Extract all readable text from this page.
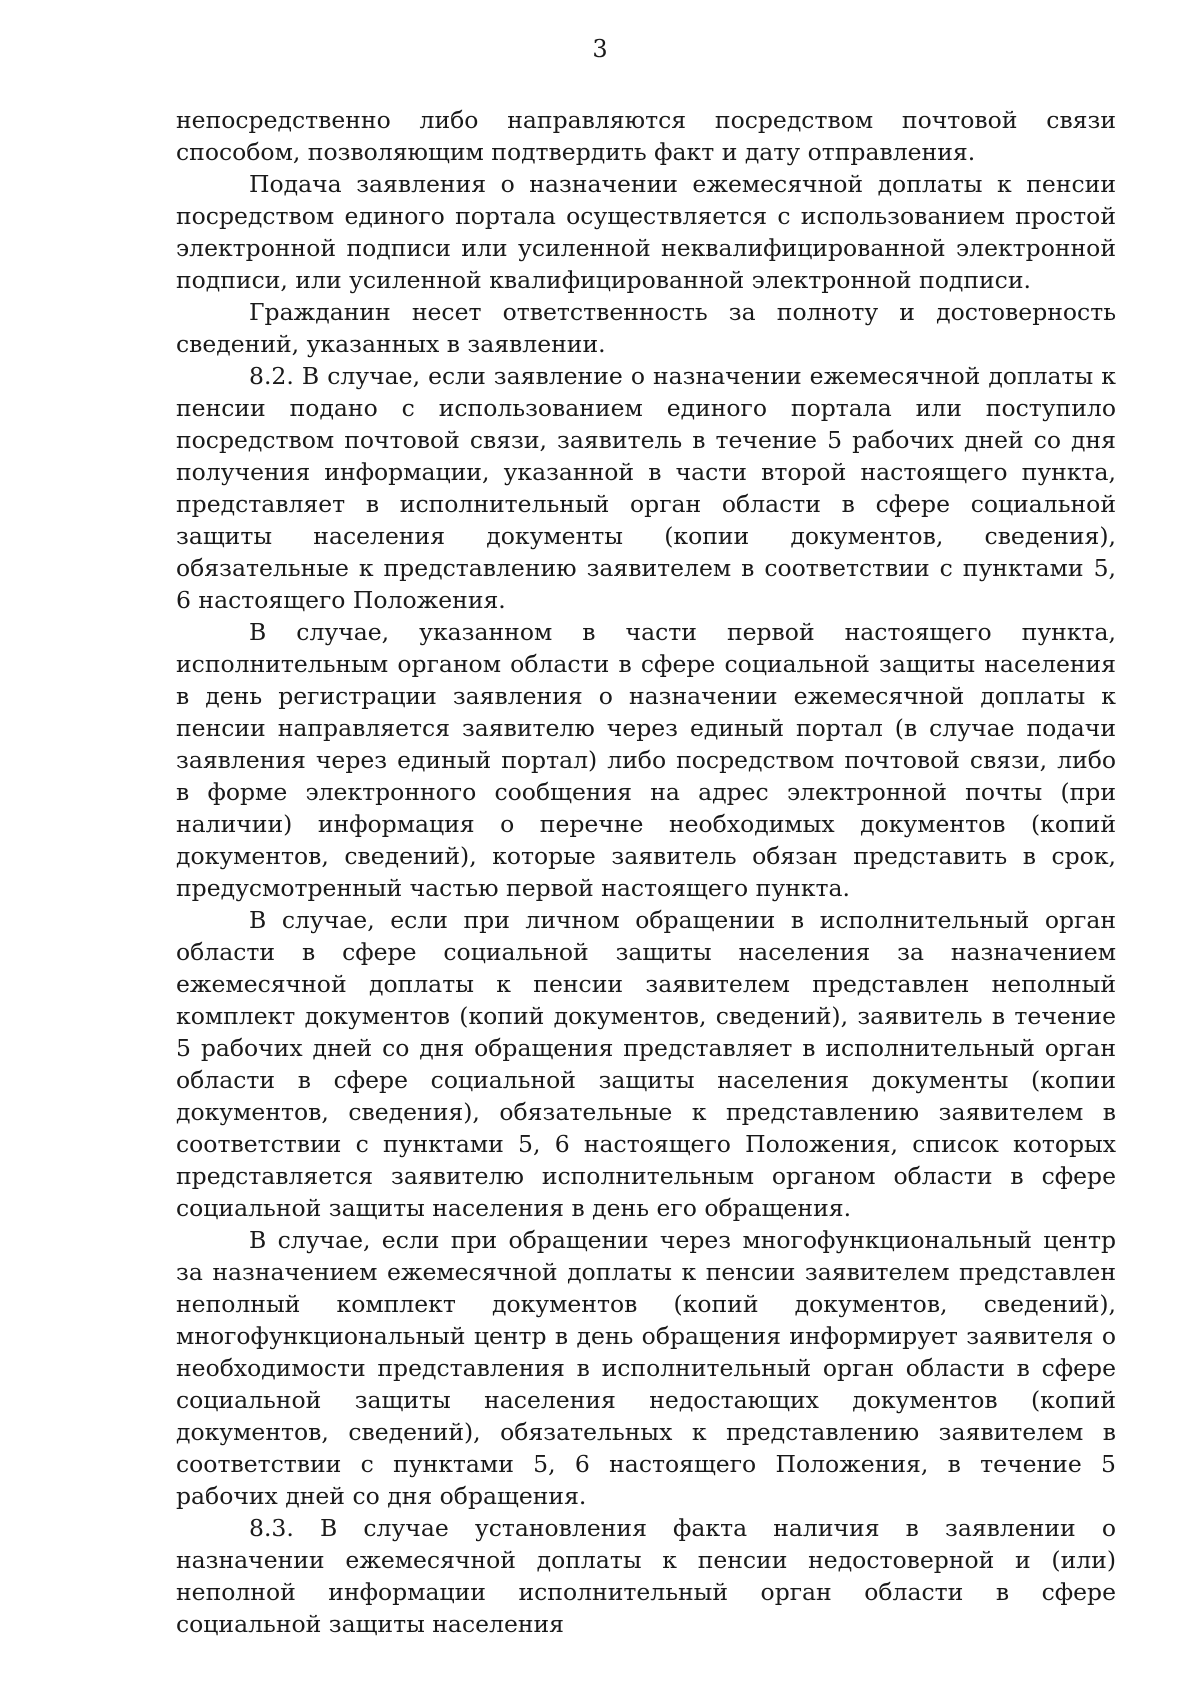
3

непосредственно либо направляются посредством почтовой связи способом, позволяющим подтвердить факт и дату отправления.

Подача заявления о назначении ежемесячной доплаты к пенсии посредством единого портала осуществляется с использованием простой электронной подписи или усиленной неквалифицированной электронной подписи, или усиленной квалифицированной электронной подписи.

Гражданин несет ответственность за полноту и достоверность сведений, указанных в заявлении.

8.2. В случае, если заявление о назначении ежемесячной доплаты к пенсии подано с использованием единого портала или поступило посредством почтовой связи, заявитель в течение 5 рабочих дней со дня получения информации, указанной в части второй настоящего пункта, представляет в исполнительный орган области в сфере социальной защиты населения документы (копии документов, сведения), обязательные к представлению заявителем в соответствии с пунктами 5, 6 настоящего Положения.

В случае, указанном в части первой настоящего пункта, исполнительным органом области в сфере социальной защиты населения в день регистрации заявления о назначении ежемесячной доплаты к пенсии направляется заявителю через единый портал (в случае подачи заявления через единый портал) либо посредством почтовой связи, либо в форме электронного сообщения на адрес электронной почты (при наличии) информация о перечне необходимых документов (копий документов, сведений), которые заявитель обязан представить в срок, предусмотренный частью первой настоящего пункта.

В случае, если при личном обращении в исполнительный орган области в сфере социальной защиты населения за назначением ежемесячной доплаты к пенсии заявителем представлен неполный комплект документов (копий документов, сведений), заявитель в течение 5 рабочих дней со дня обращения представляет в исполнительный орган области в сфере социальной защиты населения документы (копии документов, сведения), обязательные к представлению заявителем в соответствии с пунктами 5, 6 настоящего Положения, список которых представляется заявителю исполнительным органом области в сфере социальной защиты населения в день его обращения.

В случае, если при обращении через многофункциональный центр за назначением ежемесячной доплаты к пенсии заявителем представлен неполный комплект документов (копий документов, сведений), многофункциональный центр в день обращения информирует заявителя о необходимости представления в исполнительный орган области в сфере социальной защиты населения недостающих документов (копий документов, сведений), обязательных к представлению заявителем в соответствии с пунктами 5, 6 настоящего Положения, в течение 5 рабочих дней со дня обращения.

8.3. В случае установления факта наличия в заявлении о назначении ежемесячной доплаты к пенсии недостоверной и (или) неполной информации исполнительный орган области в сфере социальной защиты населения
